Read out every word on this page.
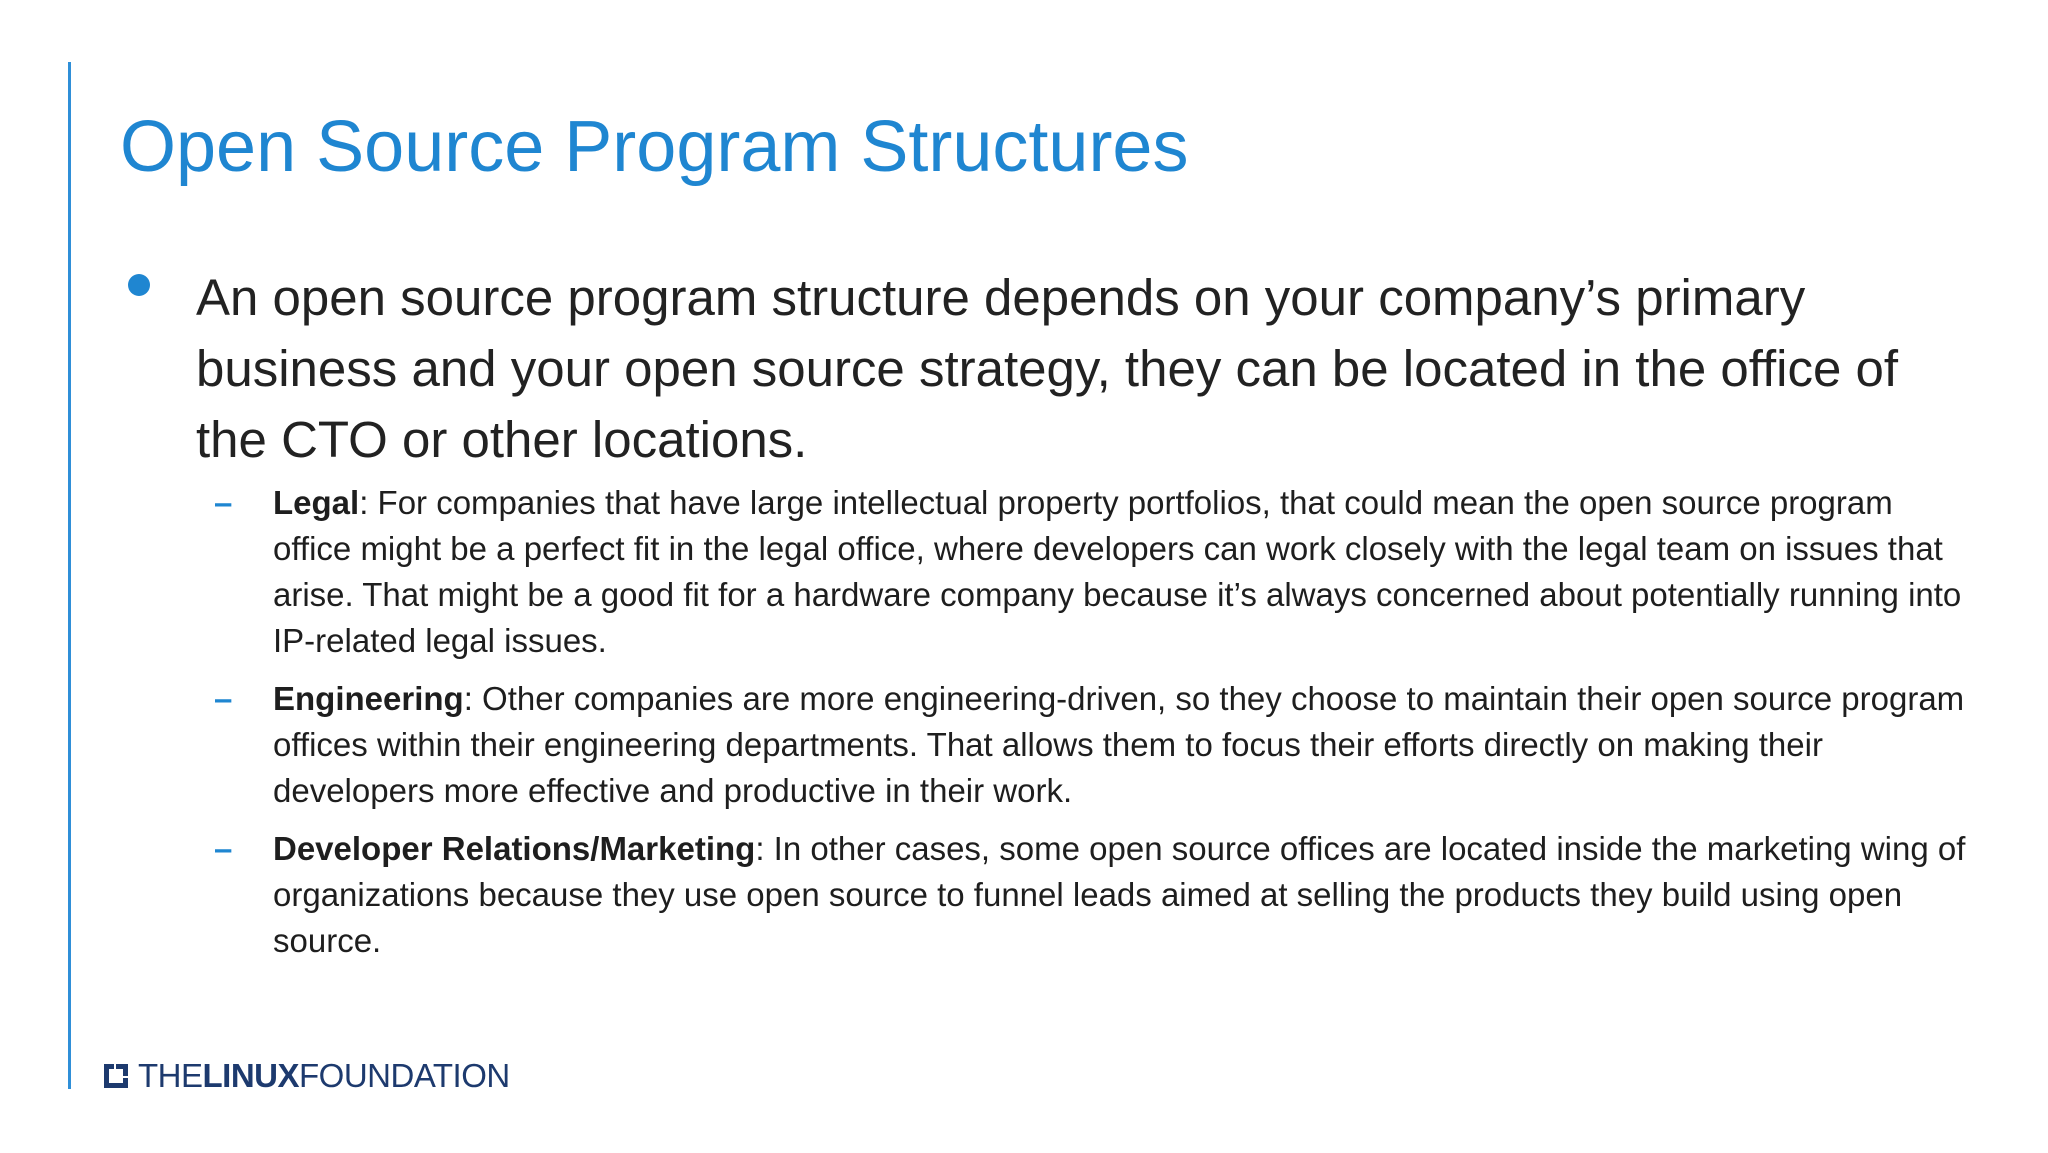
Open Source Program Structures

An open source program structure depends on your company’s primary business and your open source strategy, they can be located in the office of the CTO or other locations.

– Legal: For companies that have large intellectual property portfolios, that could mean the open source program office might be a perfect fit in the legal office, where developers can work closely with the legal team on issues that arise. That might be a good fit for a hardware company because it’s always concerned about potentially running into IP-related legal issues.
– Engineering: Other companies are more engineering-driven, so they choose to maintain their open source program offices within their engineering departments. That allows them to focus their efforts directly on making their developers more effective and productive in their work.
– Developer Relations/Marketing: In other cases, some open source offices are located inside the marketing wing of organizations because they use open source to funnel leads aimed at selling the products they build using open source.
THELINUXFOUNDATION
